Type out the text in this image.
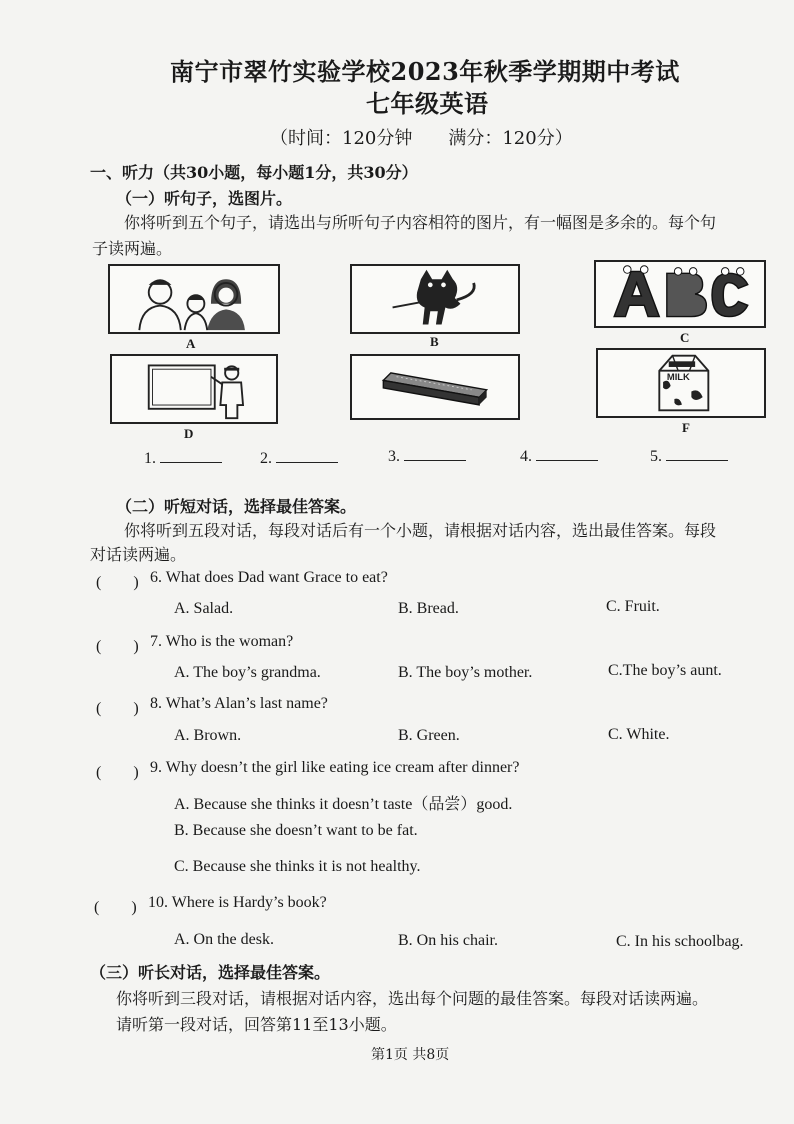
南宁市翠竹实验学校2023年秋季学期期中考试
七年级英语
（时间：120分钟　　满分：120分）
一、听力（共30小题，每小题1分，共30分）
（一）听句子，选图片。
你将听到五个句子，请选出与所听句子内容相符的图片，有一幅图是多余的。每个句
子读两遍。
A	B	C
D
MILK
F
1.	2.	3.	4.	5.
（二）听短对话，选择最佳答案。
你将听到五段对话，每段对话后有一个小题，请根据对话内容，选出最佳答案。每段
对话读两遍。
(　　) 6. What does Dad want Grace to eat?
A. Salad.	B. Bread.	C. Fruit.
(　　) 7. Who is the woman?
A. The boy’s grandma.	B. The boy’s mother.	C.The boy’s aunt.
(　　) 8. What’s Alan’s last name?
A. Brown.	B. Green.	C. White.
(　　) 9. Why doesn’t the girl like eating ice cream after dinner?
A. Because she thinks it doesn’t taste（品尝）good.
B. Because she doesn’t want to be fat.
C. Because she thinks it is not healthy.
(　　) 10. Where is Hardy’s book?
A. On the desk.	B. On his chair.	C. In his schoolbag.
（三）听长对话，选择最佳答案。
你将听到三段对话，请根据对话内容，选出每个问题的最佳答案。每段对话读两遍。
请听第一段对话，回答第11至13小题。
第1页 共8页
